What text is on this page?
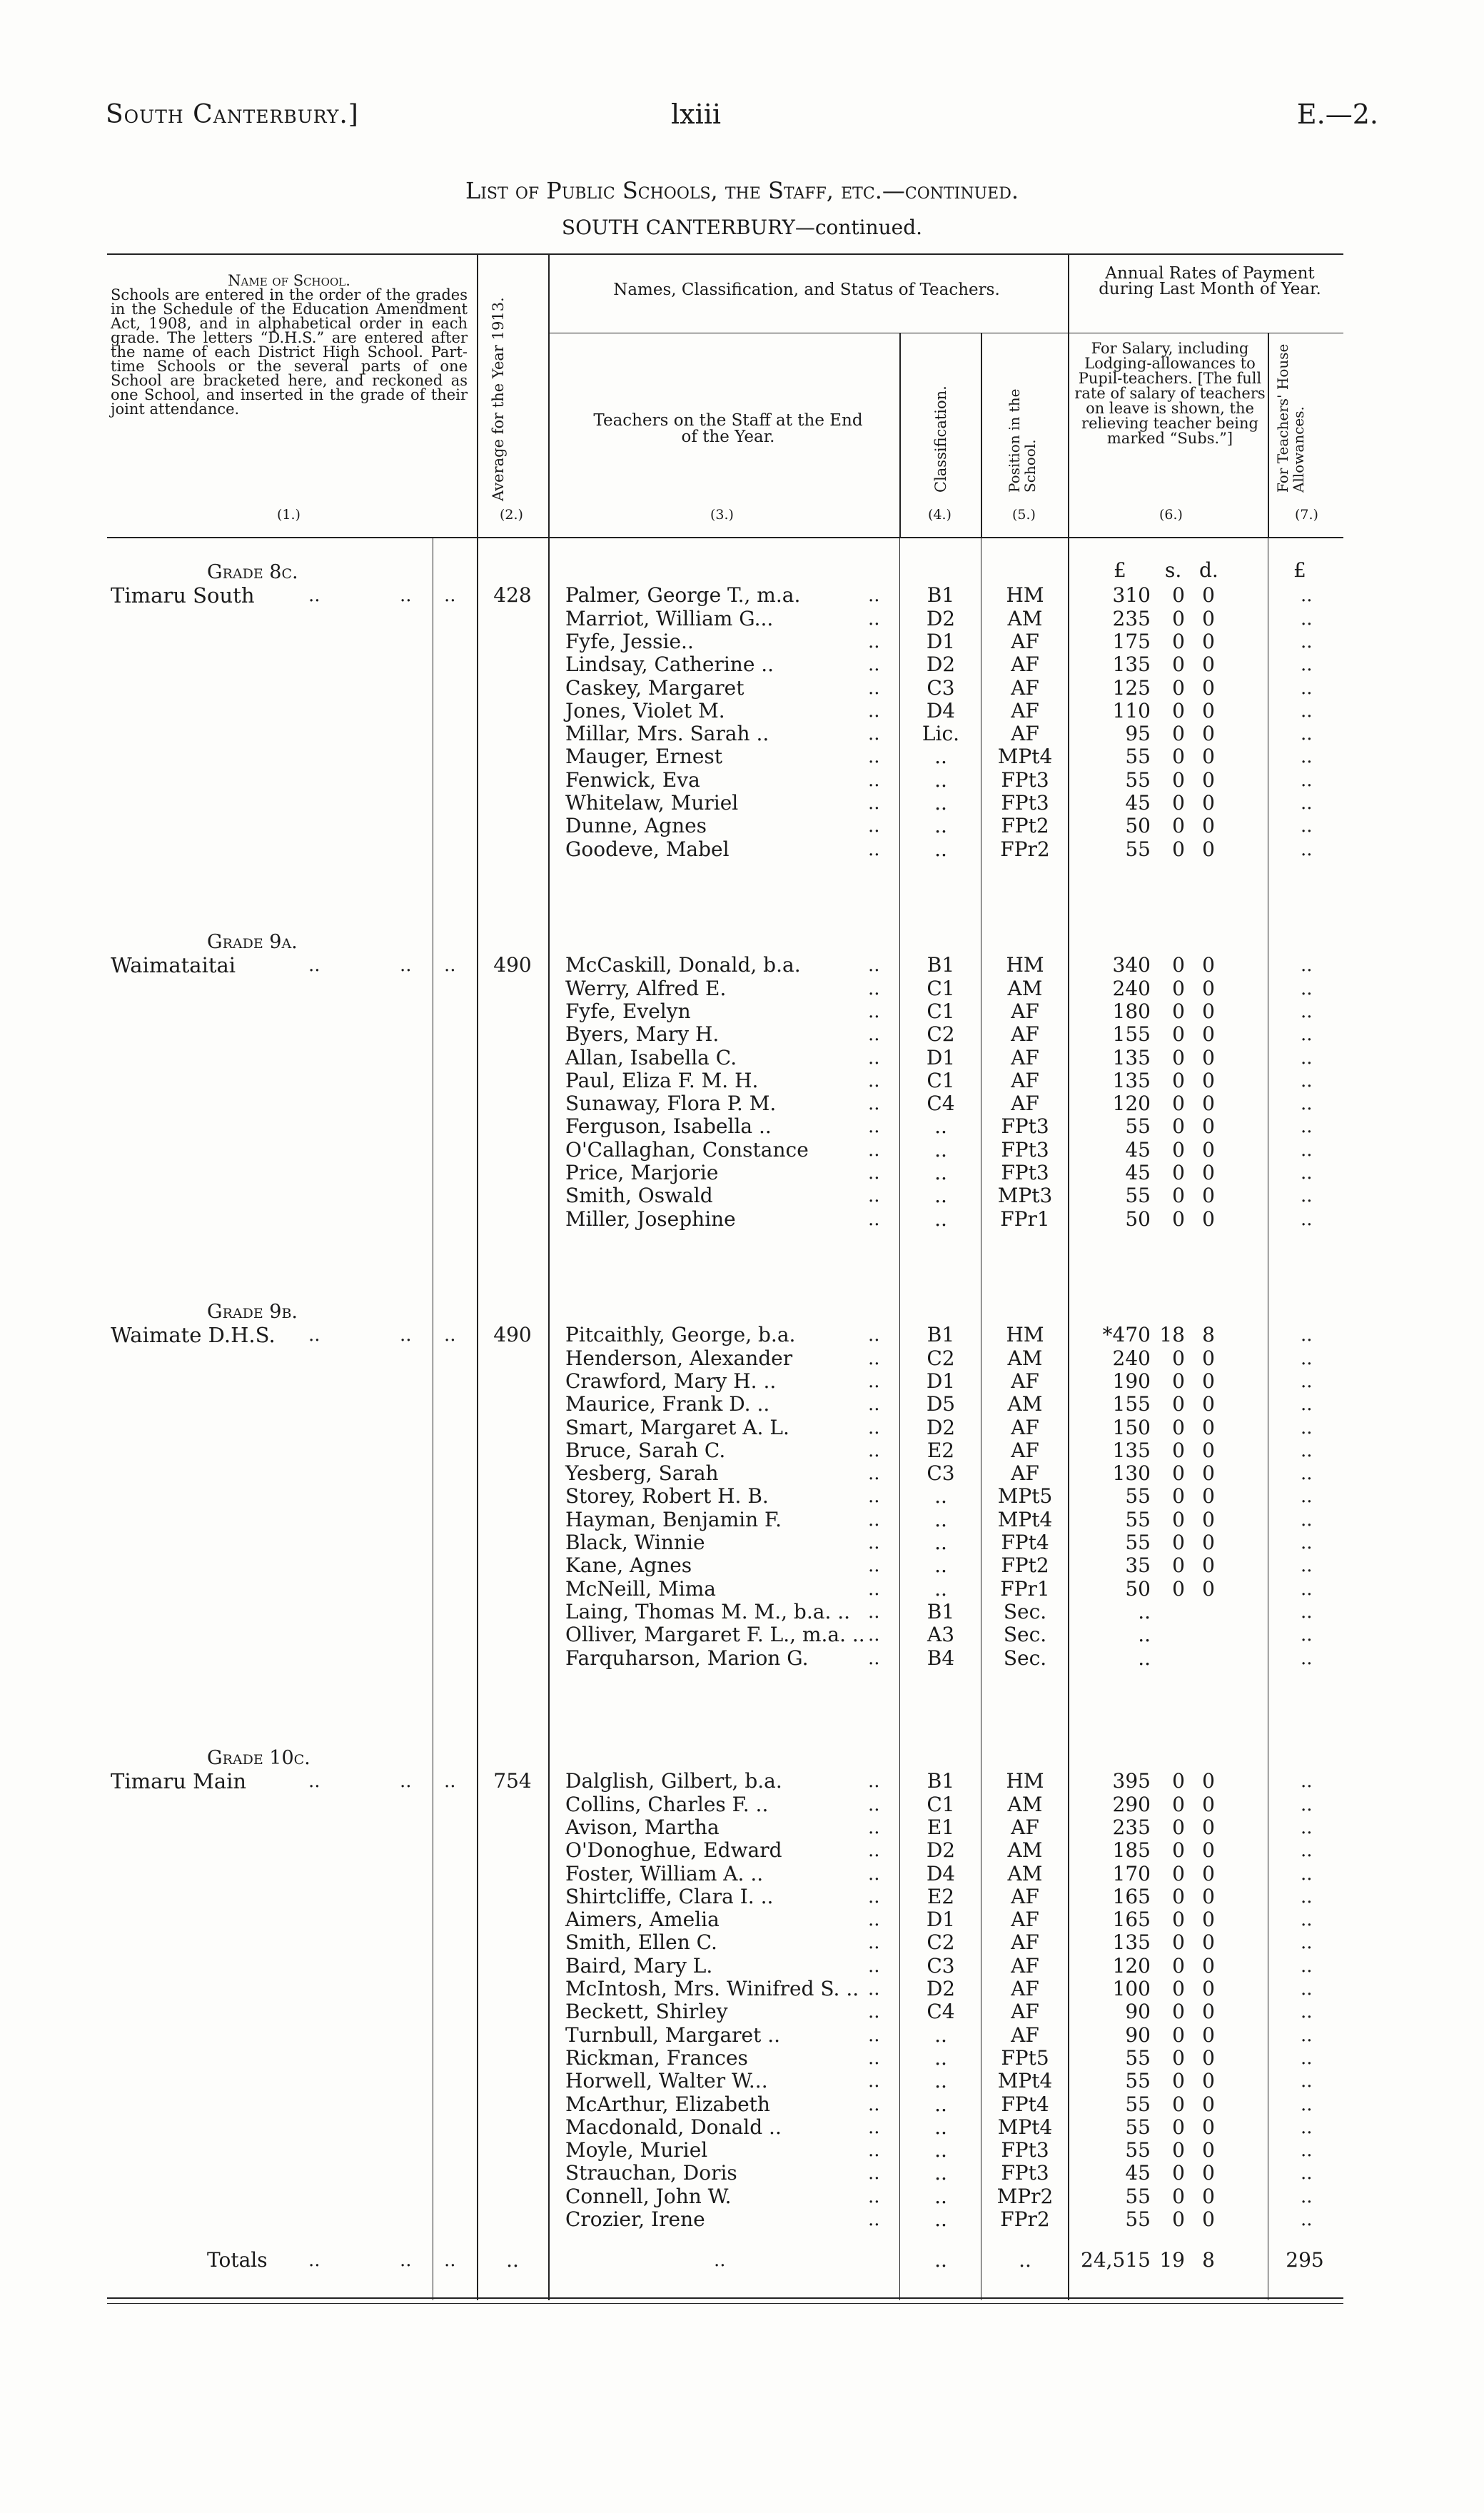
South Canterbury.]	lxiii	E.—2.
List of Public Schools, the Staff, etc.—continued.
SOUTH CANTERBURY—continued.
Name of School.
Schools are entered in the order of the grades in the Schedule of the Education Amendment Act, 1908, and in alphabetical order in each grade. The letters “D.H.S.” are entered after the name of each District High School. Part-time Schools or the several parts of one School are bracketed here, and reckoned as one School, and inserted in the grade of their joint attendance.
(1.)
Average for the Year 1913.
(2.)
Names, Classification, and Status of Teachers.
Teachers on the Staff at the End of the Year.
(3.)
Classification.
(4.)
Position in the School.
(5.)
Annual Rates of Payment during Last Month of Year.
For Salary, including Lodging-allowances to Pupil-teachers. [The full rate of salary of teachers on leave is shown, the relieving teacher being marked “Subs.”]
(6.)
For Teachers' House Allowances.
(7.)
£ s. d.	£
Grade 8c.
Timaru South	..	.. ..	428	Palmer, George T., m.a.	..	B1	HM	310	0 0	..
Marriot, William G...	..	D2	AM	235	0 0	..
Fyfe, Jessie..	..	D1	AF	175	0 0	..
Lindsay, Catherine ..	..	D2	AF	135	0 0	..
Caskey, Margaret	..	C3	AF	125	0 0	..
Jones, Violet M.	..	D4	AF	110	0 0	..
Millar, Mrs. Sarah ..	..	Lic.	AF	95	0 0	..
Mauger, Ernest	..	..	MPt4	55	0 0	..
Fenwick, Eva	..	..	FPt3	55	0 0	..
Whitelaw, Muriel	..	..	FPt3	45	0 0	..
Dunne, Agnes	..	..	FPt2	50	0 0	..
Goodeve, Mabel	..	..	FPr2	55	0 0	..
Grade 9a.
Waimataitai	..	.. ..	490	McCaskill, Donald, b.a.	..	B1	HM	340	0 0	..
Werry, Alfred E.	..	C1	AM	240	0 0	..
Fyfe, Evelyn	..	C1	AF	180	0 0	..
Byers, Mary H.	..	C2	AF	155	0 0	..
Allan, Isabella C.	..	D1	AF	135	0 0	..
Paul, Eliza F. M. H.	..	C1	AF	135	0 0	..
Sunaway, Flora P. M.	..	C4	AF	120	0 0	..
Ferguson, Isabella ..	..	..	FPt3	55	0 0	..
O'Callaghan, Constance	..	..	FPt3	45	0 0	..
Price, Marjorie	..	..	FPt3	45	0 0	..
Smith, Oswald	..	..	MPt3	55	0 0	..
Miller, Josephine	..	..	FPr1	50	0 0	..
Grade 9b.
Waimate D.H.S. ..	.. ..	490	Pitcaithly, George, b.a.	..	B1	HM	*470 18 8	..
Henderson, Alexander	..	C2	AM	240	0 0	..
Crawford, Mary H. ..	..	D1	AF	190	0 0	..
Maurice, Frank D. ..	..	D5	AM	155	0 0	..
Smart, Margaret A. L.	..	D2	AF	150	0 0	..
Bruce, Sarah C.	..	E2	AF	135	0 0	..
Yesberg, Sarah	..	C3	AF	130	0 0	..
Storey, Robert H. B.	..	..	MPt5	55	0 0	..
Hayman, Benjamin F.	..	..	MPt4	55	0 0	..
Black, Winnie	..	..	FPt4	55	0 0	..
Kane, Agnes	..	..	FPt2	35	0 0	..
McNeill, Mima	..	..	FPr1	50	0 0	..
Laing, Thomas M. M., b.a. .. ..	B1	Sec.	..	..
Olliver, Margaret F. L., m.a. .. ..	A3	Sec.	..	..
Farquharson, Marion G.	..	B4	Sec.	..	..
Grade 10c.
Timaru Main	..	.. ..	754	Dalglish, Gilbert, b.a.	..	B1	HM	395	0 0	..
Collins, Charles F. ..	..	C1	AM	290	0 0	..
Avison, Martha	..	E1	AF	235	0 0	..
O'Donoghue, Edward	..	D2	AM	185	0 0	..
Foster, William A. ..	..	D4	AM	170	0 0	..
Shirtcliffe, Clara I. ..	..	E2	AF	165	0 0	..
Aimers, Amelia	..	D1	AF	165	0 0	..
Smith, Ellen C.	..	C2	AF	135	0 0	..
Baird, Mary L.	..	C3	AF	120	0 0	..
McIntosh, Mrs. Winifred S. .. ..	D2	AF	100	0 0	..
Beckett, Shirley	..	C4	AF	90	0 0	..
Turnbull, Margaret ..	..	..	AF	90	0 0	..
Rickman, Frances	..	..	FPt5	55	0 0	..
Horwell, Walter W...	..	..	MPt4	55	0 0	..
McArthur, Elizabeth	..	..	FPt4	55	0 0	..
Macdonald, Donald ..	..	..	MPt4	55	0 0	..
Moyle, Muriel	..	..	FPt3	55	0 0	..
Strauchan, Doris	..	..	FPt3	45	0 0	..
Connell, John W.	..	..	MPr2	55	0 0	..
Crozier, Irene	..	..	FPr2	55	0 0	..
Totals ..	.. ..	..	..	..	..	24,515 19 8	295
